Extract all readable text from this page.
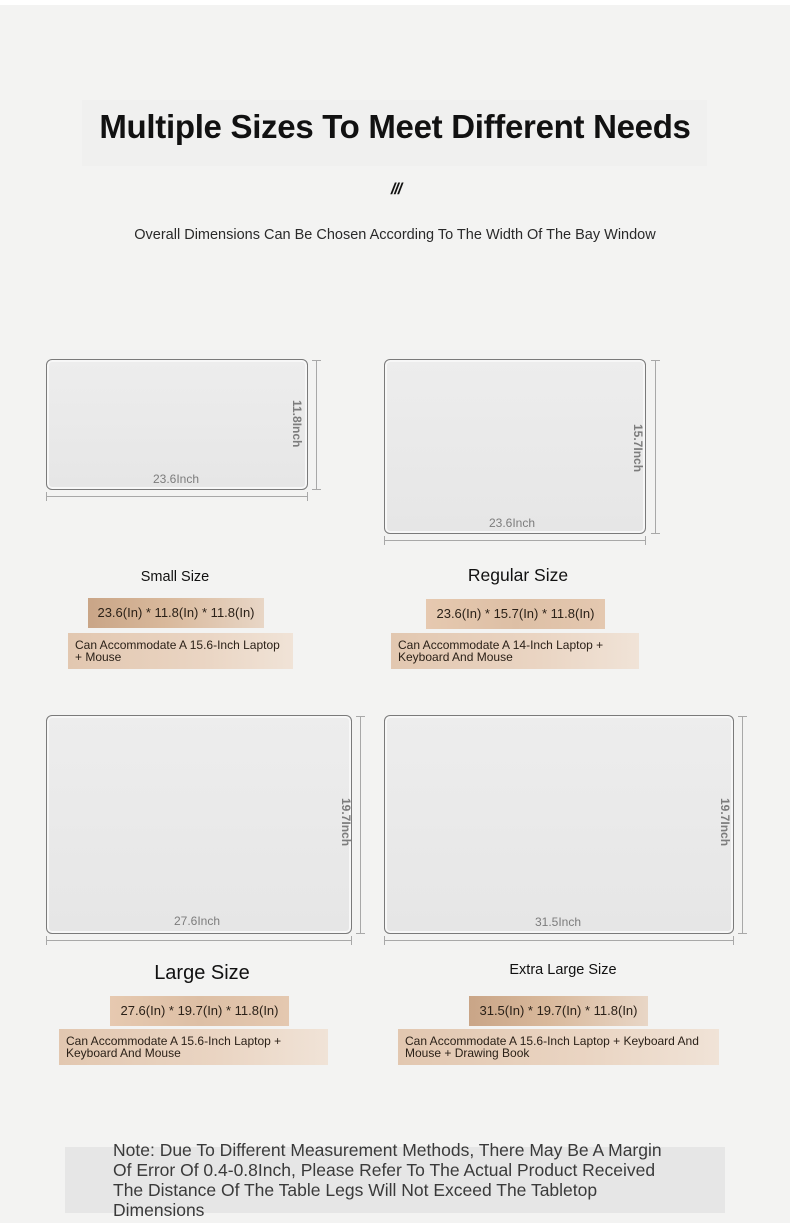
Multiple Sizes To Meet Different Needs
///
Overall Dimensions Can Be Chosen According To The Width Of The Bay Window
23.6Inch
11.8Inch
Small Size
23.6(In) * 11.8(In) * 11.8(In)
Can Accommodate A 15.6-Inch Laptop + Mouse
23.6Inch
15.7Inch
Regular Size
23.6(In) * 15.7(In) * 11.8(In)
Can Accommodate A 14-Inch Laptop + Keyboard And Mouse
27.6Inch
19.7Inch
Large Size
27.6(In) * 19.7(In) * 11.8(In)
Can Accommodate A 15.6-Inch Laptop + Keyboard And Mouse
31.5Inch
19.7Inch
Extra Large Size
31.5(In) * 19.7(In) * 11.8(In)
Can Accommodate A 15.6-Inch Laptop + Keyboard And Mouse + Drawing Book
Note: Due To Different Measurement Methods, There May Be A Margin Of Error Of 0.4-0.8Inch, Please Refer To The Actual Product Received The Distance Of The Table Legs Will Not Exceed The Tabletop Dimensions
